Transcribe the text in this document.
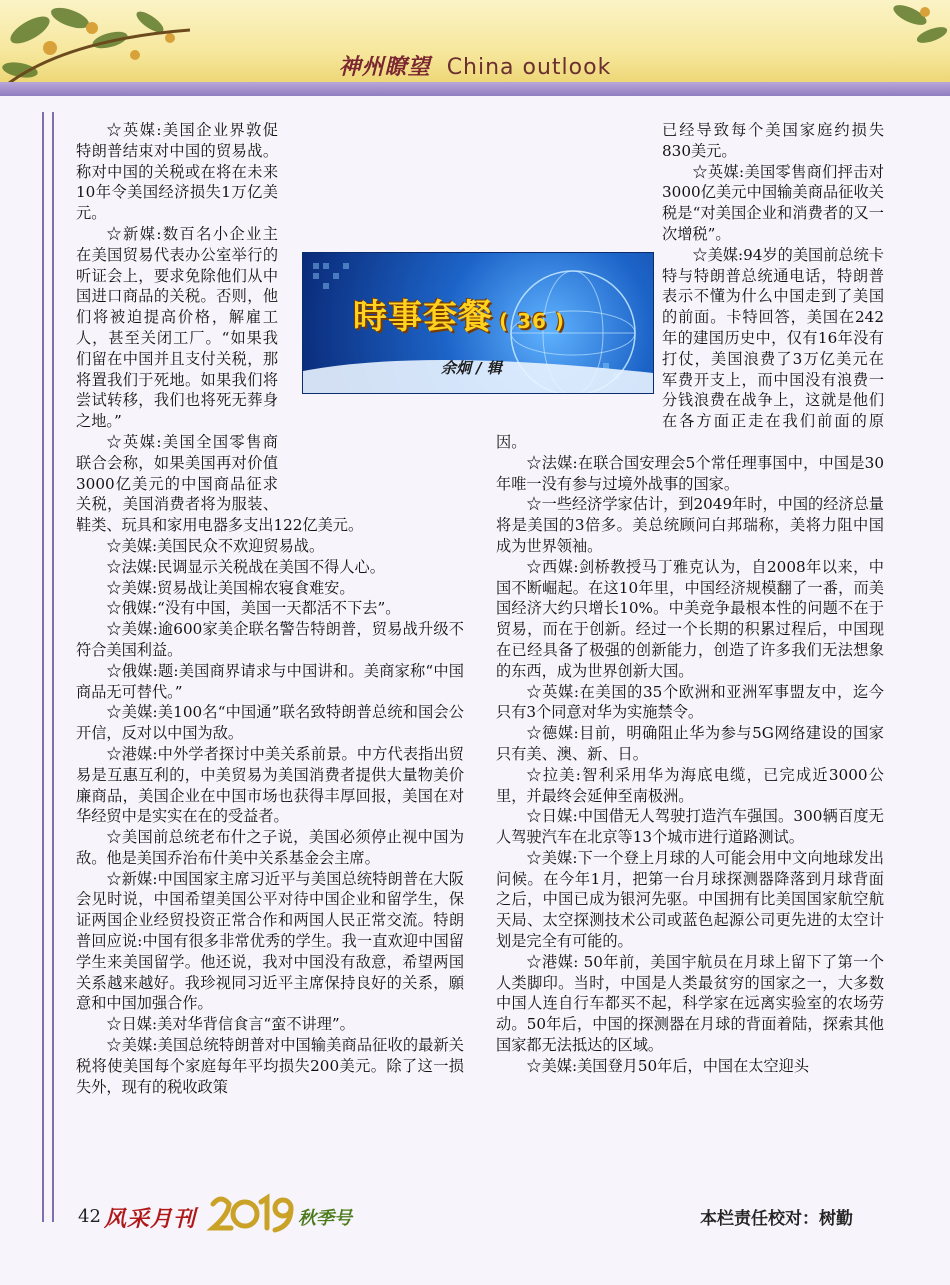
神州瞭望 China outlook
時事套餐 ( 36 )
余炯 / 辑

☆英媒:美国企业界敦促特朗普结束对中国的贸易战。称对中国的关税或在将在未来10年令美国经济损失1万亿美元。

☆新媒:数百名小企业主在美国贸易代表办公室举行的听证会上，要求免除他们从中国进口商品的关税。否则，他们将被迫提高价格，解雇工人，甚至关闭工厂。“如果我们留在中国并且支付关税，那将置我们于死地。如果我们将尝试转移，我们也将死无葬身之地。”

☆英媒:美国全国零售商联合会称，如果美国再对价值3000亿美元的中国商品征求关税，美国消费者将为服装、鞋类、玩具和家用电器多支出122亿美元。

☆美媒:美国民众不欢迎贸易战。

☆法媒:民调显示关税战在美国不得人心。

☆美媒:贸易战让美国棉农寝食难安。

☆俄媒:“没有中国，美国一天都活不下去”。

☆美媒:逾600家美企联名警告特朗普，贸易战升级不符合美国利益。

☆俄媒:题:美国商界请求与中国讲和。美商家称“中国商品无可替代。”

☆美媒:美100名“中国通”联名致特朗普总统和国会公开信，反对以中国为敌。

☆港媒:中外学者探讨中美关系前景。中方代表指出贸易是互惠互利的，中美贸易为美国消费者提供大量物美价廉商品，美国企业在中国市场也获得丰厚回报，美国在对华经贸中是实实在在的受益者。

☆美国前总统老布什之子说，美国必须停止视中国为敌。他是美国乔治布什美中关系基金会主席。

☆新媒:中国国家主席习近平与美国总统特朗普在大阪会见时说，中国希望美国公平对待中国企业和留学生，保证两国企业经贸投资正常合作和两国人民正常交流。特朗普回应说:中国有很多非常优秀的学生。我一直欢迎中国留学生来美国留学。他还说，我对中国没有敌意，希望两国关系越来越好。我珍视同习近平主席保持良好的关系，願意和中国加强合作。

☆日媒:美对华背信食言“蛮不讲理”。

☆美媒:美国总统特朗普对中国输美商品征收的最新关税将使美国每个家庭每年平均损失200美元。除了这一损失外，现有的税收政策

已经导致每个美国家庭约损失830美元。

☆英媒:美国零售商们抨击对3000亿美元中国输美商品征收关税是“对美国企业和消费者的又一次增税”。

☆美媒:94岁的美国前总统卡特与特朗普总统通电话，特朗普表示不懂为什么中国走到了美国的前面。卡特回答，美国在242年的建国历史中，仅有16年没有打仗，美国浪费了3万亿美元在军费开支上，而中国没有浪费一分钱浪费在战争上，这就是他们在各方面正走在我们前面的原因。

☆法媒:在联合国安理会5个常任理事国中，中国是30年唯一没有参与过境外战事的国家。

☆一些经济学家估计，到2049年时，中国的经济总量将是美国的3倍多。美总统顾问白邦瑞称，美将力阻中国成为世界领袖。

☆西媒:剑桥教授马丁雅克认为，自2008年以来，中国不断崛起。在这10年里，中国经济规模翻了一番，而美国经济大约只增长10%。中美竞争最根本性的问题不在于贸易，而在于创新。经过一个长期的积累过程后，中国现在已经具备了极强的创新能力，创造了许多我们无法想象的东西，成为世界创新大国。

☆英媒:在美国的35个欧洲和亚洲军事盟友中，迄今只有3个同意对华为实施禁令。

☆德媒:目前，明确阻止华为参与5G网络建设的国家只有美、澳、新、日。

☆拉美:智利采用华为海底电缆，已完成近3000公里，并最终会延伸至南极洲。

☆日媒:中国借无人驾驶打造汽车强国。300辆百度无人驾驶汽车在北京等13个城市进行道路测试。

☆美媒:下一个登上月球的人可能会用中文向地球发出问候。在今年1月，把第一台月球探测器降落到月球背面之后，中国已成为银河先驱。中国拥有比美国国家航空航天局、太空探测技术公司或蓝色起源公司更先进的太空计划是完全有可能的。

☆港媒: 50年前，美国宇航员在月球上留下了第一个人类脚印。当时，中国是人类最贫穷的国家之一，大多数中国人连自行车都买不起，科学家在远离实验室的农场劳动。50年后，中国的探测器在月球的背面着陆，探索其他国家都无法抵达的区域。

☆美媒:美国登月50年后，中国在太空迎头

42 风采月刊	秋季号	本栏责任校对：树勤
